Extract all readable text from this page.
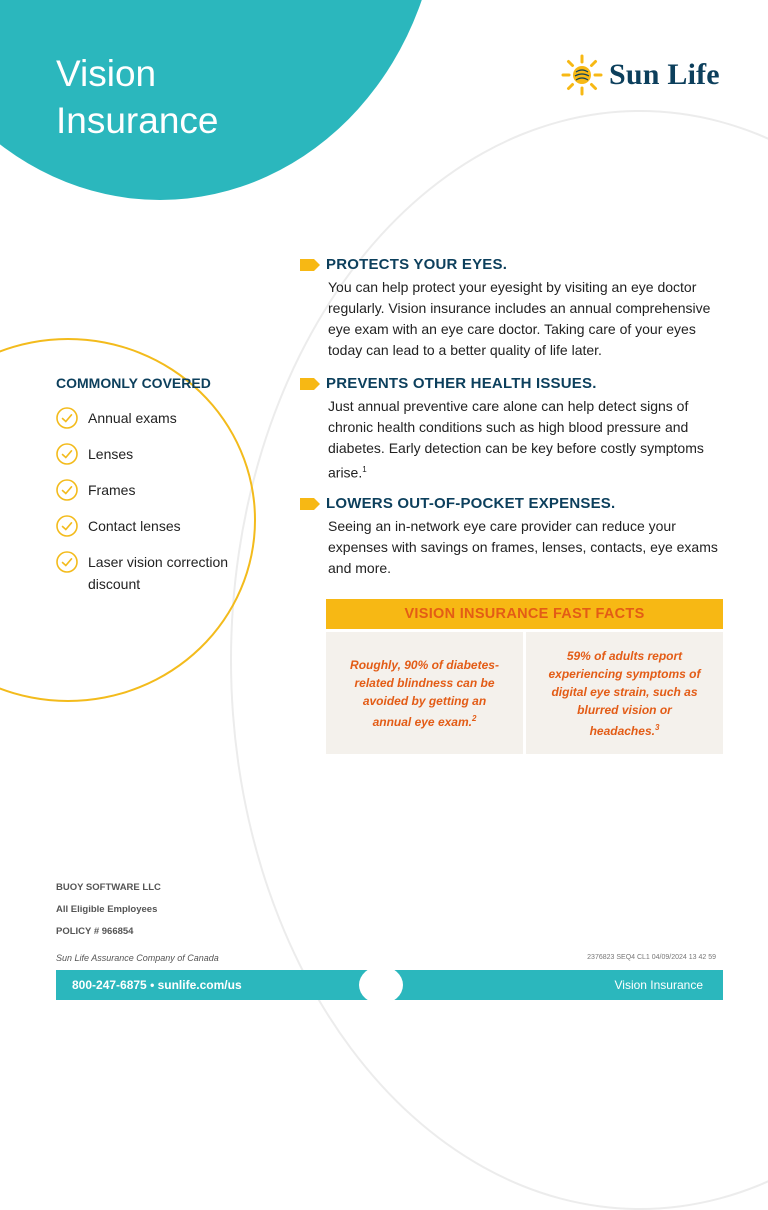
Vision Insurance
Sun Life
PROTECTS YOUR EYES.
You can help protect your eyesight by visiting an eye doctor regularly. Vision insurance includes an annual comprehensive eye exam with an eye care doctor. Taking care of your eyes today can lead to a better quality of life later.
PREVENTS OTHER HEALTH ISSUES.
Just annual preventive care alone can help detect signs of chronic health conditions such as high blood pressure and diabetes. Early detection can be key before costly symptoms arise.$^1$
LOWERS OUT-OF-POCKET EXPENSES.
Seeing an in-network eye care provider can reduce your expenses with savings on frames, lenses, contacts, eye exams and more.
COMMONLY COVERED
Annual exams
Lenses
Frames
Contact lenses
Laser vision correction discount
VISION INSURANCE FAST FACTS
Roughly, 90% of diabetes-related blindness can be avoided by getting an annual eye exam.$^2$
59% of adults report experiencing symptoms of digital eye strain, such as blurred vision or headaches.$^3$
BUOY SOFTWARE LLC
All Eligible Employees
POLICY # 966854
Sun Life Assurance Company of Canada	2376823 SEQ4 CL1 04/09/2024 13 42 59
800-247-6875 • sunlife.com/us	Vision Insurance
